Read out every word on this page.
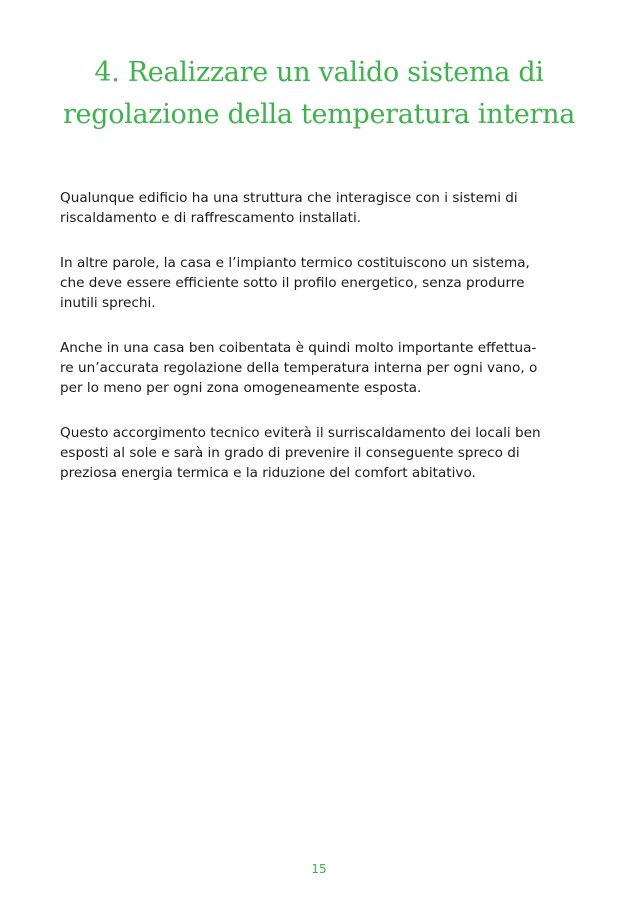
4. Realizzare un valido sistema di
regolazione della temperatura interna

Qualunque edificio ha una struttura che interagisce con i sistemi di
riscaldamento e di raffrescamento installati.

In altre parole, la casa e l’impianto termico costituiscono un sistema,
che deve essere efficiente sotto il profilo energetico, senza produrre
inutili sprechi.

Anche in una casa ben coibentata è quindi molto importante effettua-
re un’accurata regolazione della temperatura interna per ogni vano, o
per lo meno per ogni zona omogeneamente esposta.

Questo accorgimento tecnico eviterà il surriscaldamento dei locali ben
esposti al sole e sarà in grado di prevenire il conseguente spreco di
preziosa energia termica e la riduzione del comfort abitativo.

15
